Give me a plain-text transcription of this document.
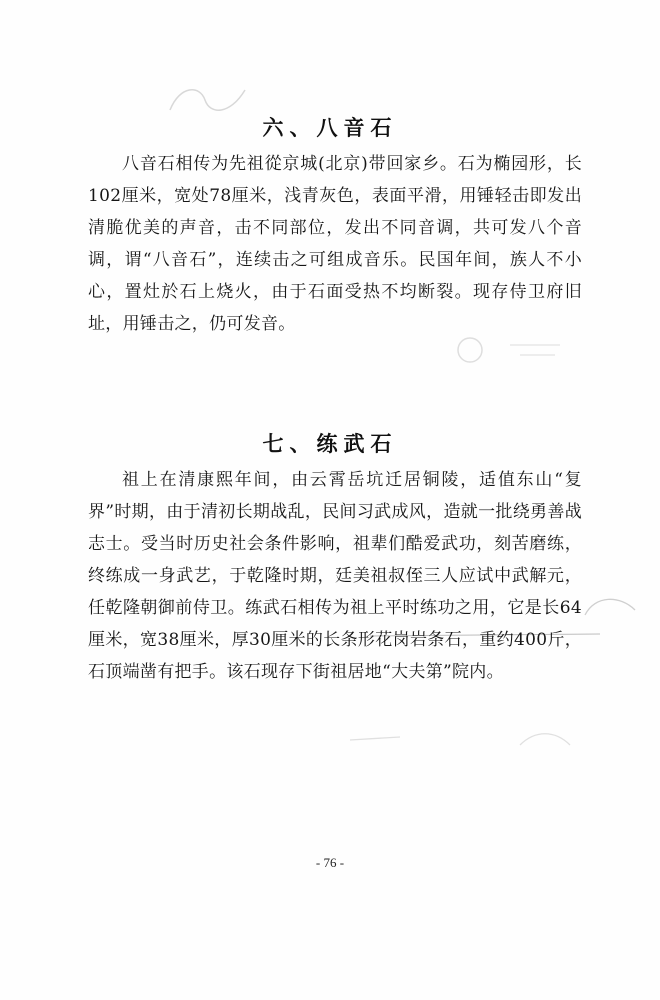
六、八音石
八音石相传为先祖從京城(北京)带回家乡。石为椭园形，长102厘米，宽处78厘米，浅青灰色，表面平滑，用锤轻击即发出清脆优美的声音，击不同部位，发出不同音调，共可发八个音调，谓“八音石”，连续击之可组成音乐。民国年间，族人不小心，置灶於石上烧火，由于石面受热不均断裂。现存侍卫府旧址，用锤击之，仍可发音。
七、练武石
祖上在清康熙年间，由云霄岳坑迁居铜陵，适值东山“复界”时期，由于清初长期战乱，民间习武成风，造就一批绕勇善战志士。受当时历史社会条件影响，祖辈们酷爱武功，刻苦磨练，终练成一身武艺，于乾隆时期，廷美祖叔侄三人应试中武解元，任乾隆朝御前侍卫。练武石相传为祖上平时练功之用，它是长64厘米，宽38厘米，厚30厘米的长条形花岗岩条石，重约400斤，石顶端凿有把手。该石现存下街祖居地“大夫第”院内。
- 76 -
